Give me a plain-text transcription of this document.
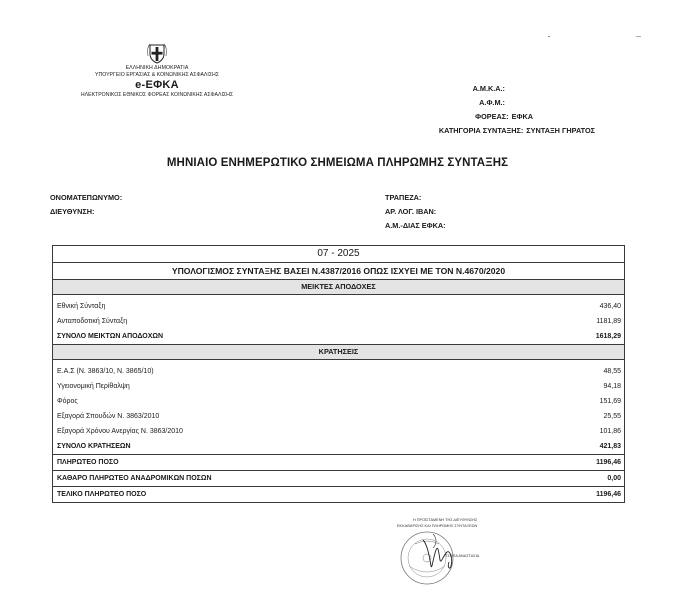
ΕΛΛΗΝΙΚΗ ΔΗΜΟΚΡΑΤΙΑ
ΥΠΟΥΡΓΕΙΟ ΕΡΓΑΣΙΑΣ & ΚΟΙΝΩΝΙΚΗΣ ΑΣΦΑΛΙΣΗΣ
e-ΕΦΚΑ
ΗΛΕΚΤΡΟΝΙΚΟΣ ΕΘΝΙΚΟΣ ΦΟΡΕΑΣ ΚΟΙΝΩΝΙΚΗΣ ΑΣΦΑΛΙΣΗΣ
Α.Μ.Κ.Α.:
Α.Φ.Μ.:
ΦΟΡΕΑΣ: ΕΦΚΑ
ΚΑΤΗΓΟΡΙΑ ΣΥΝΤΑΞΗΣ: ΣΥΝΤΑΞΗ ΓΗΡΑΤΟΣ
ΜΗΝΙΑΙΟ ΕΝΗΜΕΡΩΤΙΚΟ ΣΗΜΕΙΩΜΑ ΠΛΗΡΩΜΗΣ ΣΥΝΤΑΞΗΣ
ΟΝΟΜΑΤΕΠΩΝΥΜΟ:
ΔΙΕΥΘΥΝΣΗ:
ΤΡΑΠΕΖΑ:
ΑΡ. ΛΟΓ. IBAN:
Α.Μ.-ΔΙΑΣ ΕΦΚΑ:
07 - 2025
ΥΠΟΛΟΓΙΣΜΟΣ ΣΥΝΤΑΞΗΣ ΒΑΣΕΙ Ν.4387/2016 ΟΠΩΣ ΙΣΧΥΕΙ ΜΕ ΤΟΝ Ν.4670/2020
ΜΕΙΚΤΕΣ ΑΠΟΔΟΧΕΣ
Εθνική Σύνταξη	436,40
Ανταποδοτική Σύνταξη	1181,89
ΣΥΝΟΛΟ ΜΕΙΚΤΩΝ ΑΠΟΔΟΧΩΝ	1618,29
ΚΡΑΤΗΣΕΙΣ
Ε.Α.Σ (Ν. 3863/10, Ν. 3865/10)	48,55
Υγειονομική Περίθαλψη	94,18
Φόρος	151,69
Εξαγορά Σπουδών Ν. 3863/2010	25,55
Εξαγορά Χρόνου Ανεργίας Ν. 3863/2010	101,86
ΣΥΝΟΛΟ ΚΡΑΤΗΣΕΩΝ	421,83
ΠΛΗΡΩΤΕΟ ΠΟΣΟ	1196,46
ΚΑΘΑΡΟ ΠΛΗΡΩΤΕΟ ΑΝΑΔΡΟΜΙΚΩΝ ΠΟΣΩΝ	0,00
ΤΕΛΙΚΟ ΠΛΗΡΩΤΕΟ ΠΟΣΟ	1196,46
Η ΠΡΟΪΣΤΑΜΕΝΗ ΤΗΣ ΔΙΕΥΘΥΝΣΗΣ
ΕΚΚΑΘΑΡΙΣΗΣ ΚΑΙ ΠΛΗΡΩΜΗΣ ΣΥΝΤΑΞΕΩΝ
ΤΣΟΠΑ ΑΝΑΣΤΑΣΙΑ
